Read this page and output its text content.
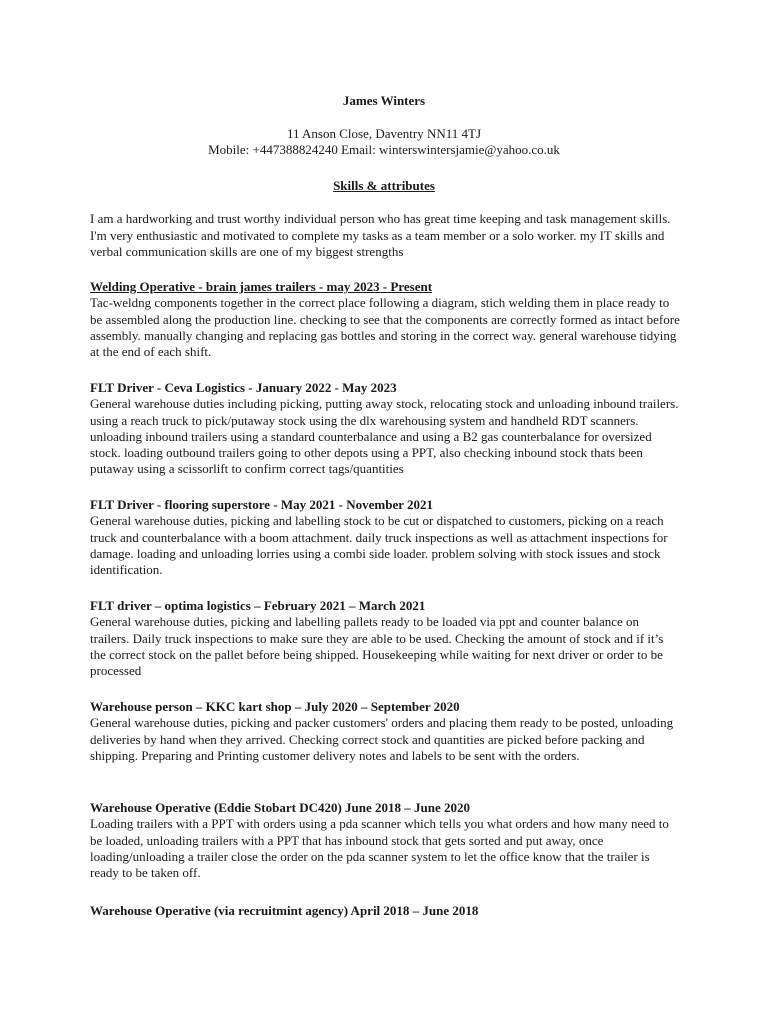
James Winters
11 Anson Close, Daventry NN11 4TJ
Mobile: +447388824240 Email: winterswintersjamie@yahoo.co.uk
Skills & attributes
I am a hardworking and trust worthy individual person who has great time keeping and task management skills. I'm very enthusiastic and motivated to complete my tasks as a team member or a solo worker. my IT skills and verbal communication skills are one of my biggest strengths

Welding Operative - brain james trailers - may 2023 - Present

Tac-weldng components together in the correct place following a diagram, stich welding them in place ready to be assembled along the production line. checking to see that the components are correctly formed as intact before assembly. manually changing and replacing gas bottles and storing in the correct way. general warehouse tidying at the end of each shift.

FLT Driver - Ceva Logistics - January 2022 - May 2023

General warehouse duties including picking, putting away stock, relocating stock and unloading inbound trailers. using a reach truck to pick/putaway stock using the dlx warehousing system and handheld RDT scanners. unloading inbound trailers using a standard counterbalance and using a B2 gas counterbalance for oversized stock. loading outbound trailers going to other depots using a PPT, also checking inbound stock thats been putaway using a scissorlift to confirm correct tags/quantities

FLT Driver - flooring superstore - May 2021 - November 2021

General warehouse duties, picking and labelling stock to be cut or dispatched to customers, picking on a reach truck and counterbalance with a boom attachment. daily truck inspections as well as attachment inspections for damage. loading and unloading lorries using a combi side loader. problem solving with stock issues and stock identification.

FLT driver – optima logistics – February 2021 – March 2021

General warehouse duties, picking and labelling pallets ready to be loaded via ppt and counter balance on trailers. Daily truck inspections to make sure they are able to be used. Checking the amount of stock and if it’s the correct stock on the pallet before being shipped. Housekeeping while waiting for next driver or order to be processed

Warehouse person – KKC kart shop – July 2020 – September 2020

General warehouse duties, picking and packer customers' orders and placing them ready to be posted, unloading deliveries by hand when they arrived. Checking correct stock and quantities are picked before packing and shipping. Preparing and Printing customer delivery notes and labels to be sent with the orders.

Warehouse Operative (Eddie Stobart DC420) June 2018 – June 2020

Loading trailers with a PPT with orders using a pda scanner which tells you what orders and how many need to be loaded, unloading trailers with a PPT that has inbound stock that gets sorted and put away, once loading/unloading a trailer close the order on the pda scanner system to let the office know that the trailer is ready to be taken off.

Warehouse Operative (via recruitmint agency) April 2018 – June 2018
